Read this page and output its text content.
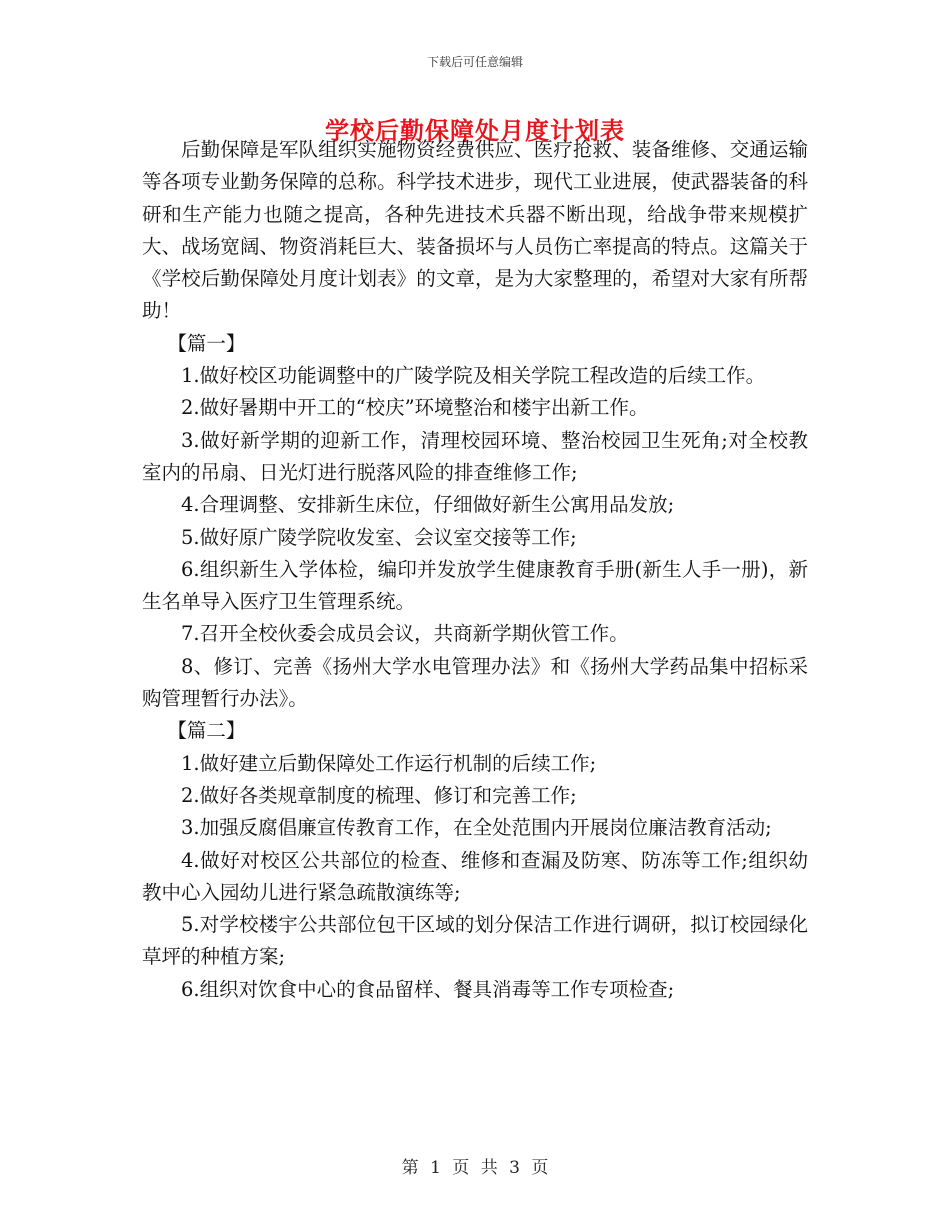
下载后可任意编辑
学校后勤保障处月度计划表

后勤保障是军队组织实施物资经费供应、医疗抢救、装备维修、交通运输等各项专业勤务保障的总称。科学技术进步，现代工业进展，使武器装备的科研和生产能力也随之提高，各种先进技术兵器不断出现，给战争带来规模扩大、战场宽阔、物资消耗巨大、装备损坏与人员伤亡率提高的特点。这篇关于《学校后勤保障处月度计划表》的文章，是为大家整理的，希望对大家有所帮助！

【篇一】

1.做好校区功能调整中的广陵学院及相关学院工程改造的后续工作。

2.做好暑期中开工的“校庆”环境整治和楼宇出新工作。

3.做好新学期的迎新工作，清理校园环境、整治校园卫生死角;对全校教室内的吊扇、日光灯进行脱落风险的排查维修工作;

4.合理调整、安排新生床位，仔细做好新生公寓用品发放;

5.做好原广陵学院收发室、会议室交接等工作;

6.组织新生入学体检，编印并发放学生健康教育手册(新生人手一册)，新生名单导入医疗卫生管理系统。

7.召开全校伙委会成员会议，共商新学期伙管工作。

8、修订、完善《扬州大学水电管理办法》和《扬州大学药品集中招标采购管理暂行办法》。

【篇二】

1.做好建立后勤保障处工作运行机制的后续工作;

2.做好各类规章制度的梳理、修订和完善工作;

3.加强反腐倡廉宣传教育工作，在全处范围内开展岗位廉洁教育活动;

4.做好对校区公共部位的检查、维修和查漏及防寒、防冻等工作;组织幼教中心入园幼儿进行紧急疏散演练等;

5.对学校楼宇公共部位包干区域的划分保洁工作进行调研，拟订校园绿化草坪的种植方案;

6.组织对饮食中心的食品留样、餐具消毒等工作专项检查;

第 1 页 共 3 页
